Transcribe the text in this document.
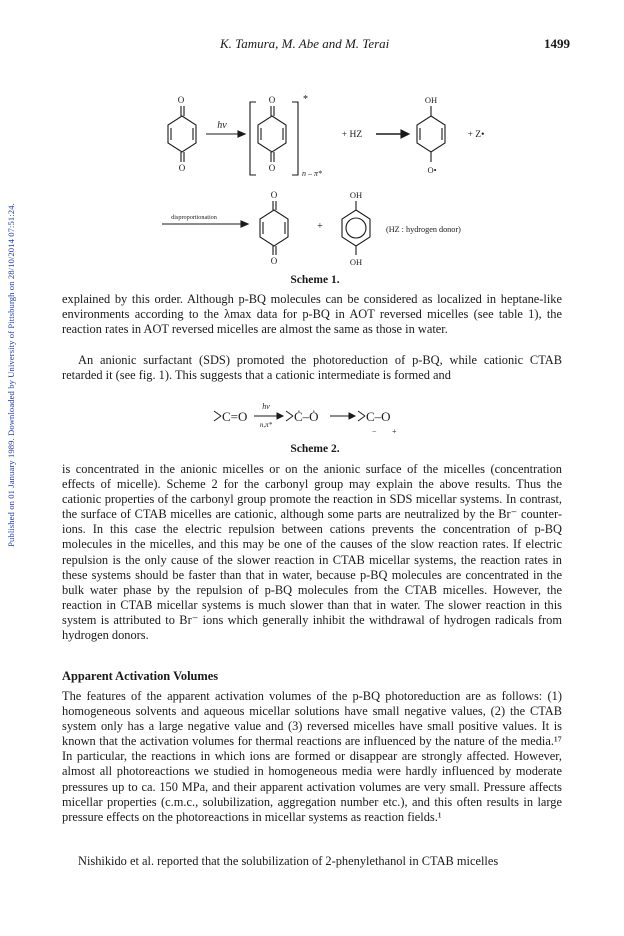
Published on 01 January 1989. Downloaded by University of Pittsburgh on 28/10/2014 07:51:24.
K. Tamura, M. Abe and M. Terai	1499
O
O
hν
O
O
*
n – π*
+ HZ
OH
O•
+ Z•
disproportionation
O
O
+
OH
OH
(HZ : hydrogen donor)
Scheme 1.

explained by this order. Although p-BQ molecules can be considered as localized in heptane-like environments according to the λmax data for p-BQ in AOT reversed micelles (see table 1), the reaction rates in AOT reversed micelles are almost the same as those in water.

An anionic surfactant (SDS) promoted the photoreduction of p-BQ, while cationic CTAB retarded it (see fig. 1). This suggests that a cationic intermediate is formed and

C=O
hν
n,π*
Ċ–Ȯ	C–O
− +
Scheme 2.

is concentrated in the anionic micelles or on the anionic surface of the micelles (concentration effects of micelle). Scheme 2 for the carbonyl group may explain the above results. Thus the cationic properties of the carbonyl group promote the reaction in SDS micellar systems. In contrast, the surface of CTAB micelles are cationic, although some parts are neutralized by the Br⁻ counter-ions. In this case the electric repulsion between cations prevents the concentration of p-BQ molecules in the micelles, and this may be one of the causes of the slow reaction rates. If electric repulsion is the only cause of the slower reaction in CTAB micellar systems, the reaction rates in these systems should be faster than that in water, because p-BQ molecules are concentrated in the bulk water phase by the repulsion of p-BQ molecules from the CTAB micelles. However, the reaction in CTAB micellar systems is much slower than that in water. The slower reaction in this system is attributed to Br⁻ ions which generally inhibit the withdrawal of hydrogen radicals from hydrogen donors.

Apparent Activation Volumes

The features of the apparent activation volumes of the p-BQ photoreduction are as follows: (1) homogeneous solvents and aqueous micellar solutions have small negative values, (2) the CTAB system only has a large negative value and (3) reversed micelles have small positive values. It is known that the activation volumes for thermal reactions are influenced by the nature of the media.¹⁷ In particular, the reactions in which ions are formed or disappear are strongly affected. However, almost all photoreactions we studied in homogeneous media were hardly influenced by moderate pressures up to ca. 150 MPa, and their apparent activation volumes are very small. Pressure affects micellar properties (c.m.c., solubilization, aggregation number etc.), and this often results in large pressure effects on the photoreactions in micellar systems as reaction fields.¹

Nishikido et al. reported that the solubilization of 2-phenylethanol in CTAB micelles
